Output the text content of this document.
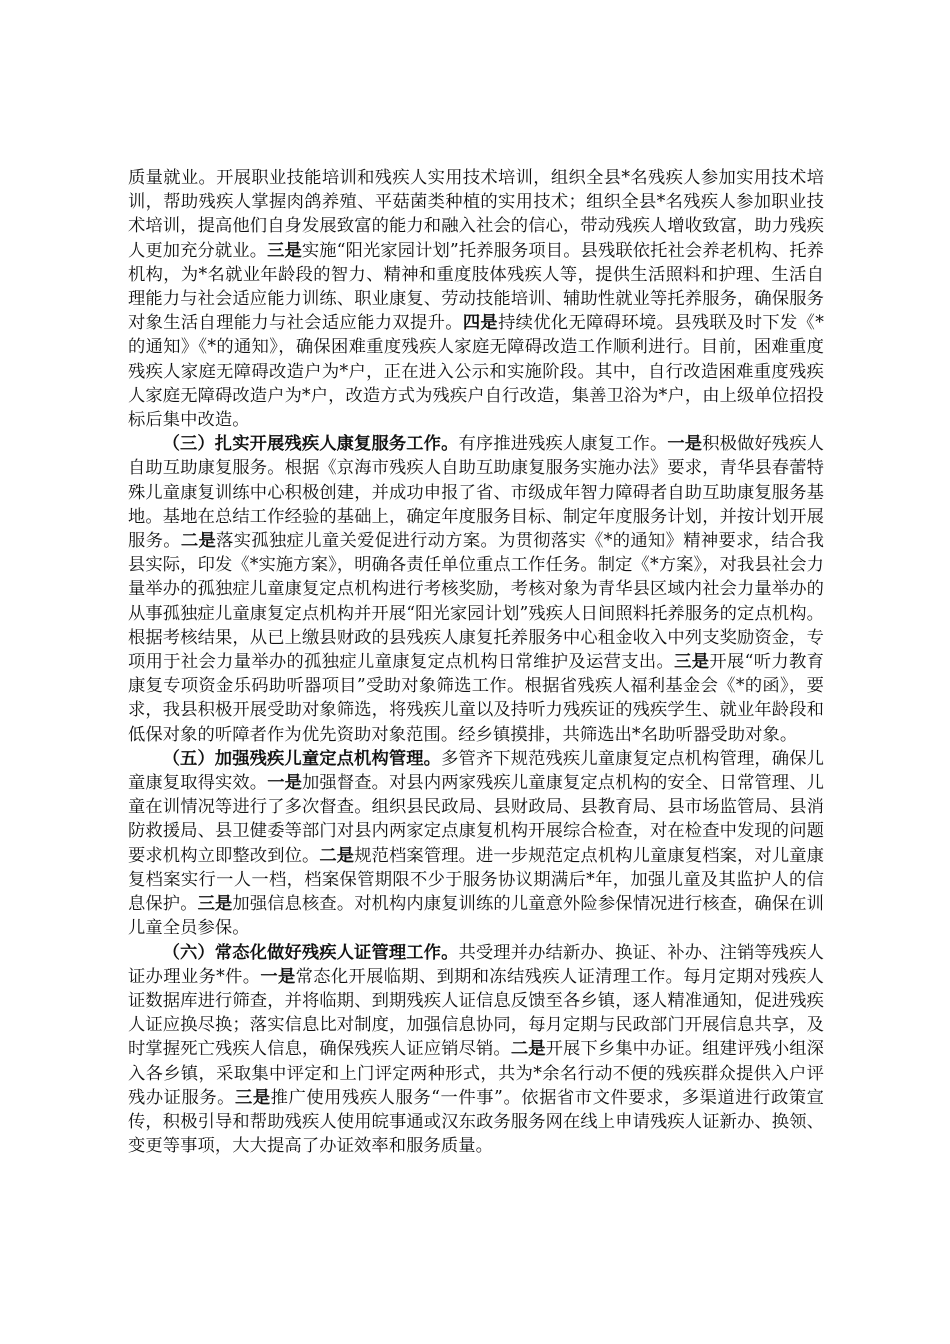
质量就业。开展职业技能培训和残疾人实用技术培训，组织全县*名残疾人参加实用技术培训，帮助残疾人掌握肉鸽养殖、平菇菌类种植的实用技术；组织全县*名残疾人参加职业技术培训，提高他们自身发展致富的能力和融入社会的信心，带动残疾人增收致富，助力残疾人更加充分就业。三是实施“阳光家园计划”托养服务项目。县残联依托社会养老机构、托养机构，为*名就业年龄段的智力、精神和重度肢体残疾人等，提供生活照料和护理、生活自理能力与社会适应能力训练、职业康复、劳动技能培训、辅助性就业等托养服务，确保服务对象生活自理能力与社会适应能力双提升。四是持续优化无障碍环境。县残联及时下发《*的通知》《*的通知》，确保困难重度残疾人家庭无障碍改造工作顺利进行。目前，困难重度残疾人家庭无障碍改造户为*户，正在进入公示和实施阶段。其中，自行改造困难重度残疾人家庭无障碍改造户为*户，改造方式为残疾户自行改造，集善卫浴为*户，由上级单位招投标后集中改造。

（三）扎实开展残疾人康复服务工作。有序推进残疾人康复工作。一是积极做好残疾人自助互助康复服务。根据《京海市残疾人自助互助康复服务实施办法》要求，青华县春蕾特殊儿童康复训练中心积极创建，并成功申报了省、市级成年智力障碍者自助互助康复服务基地。基地在总结工作经验的基础上，确定年度服务目标、制定年度服务计划，并按计划开展服务。二是落实孤独症儿童关爱促进行动方案。为贯彻落实《*的通知》精神要求，结合我县实际，印发《*实施方案》，明确各责任单位重点工作任务。制定《*方案》，对我县社会力量举办的孤独症儿童康复定点机构进行考核奖励，考核对象为青华县区域内社会力量举办的从事孤独症儿童康复定点机构并开展“阳光家园计划”残疾人日间照料托养服务的定点机构。根据考核结果，从已上缴县财政的县残疾人康复托养服务中心租金收入中列支奖励资金，专项用于社会力量举办的孤独症儿童康复定点机构日常维护及运营支出。三是开展“听力教育康复专项资金乐码助听器项目”受助对象筛选工作。根据省残疾人福利基金会《*的函》，要求，我县积极开展受助对象筛选，将残疾儿童以及持听力残疾证的残疾学生、就业年龄段和低保对象的听障者作为优先资助对象范围。经乡镇摸排，共筛选出*名助听器受助对象。

（五）加强残疾儿童定点机构管理。多管齐下规范残疾儿童康复定点机构管理，确保儿童康复取得实效。一是加强督查。对县内两家残疾儿童康复定点机构的安全、日常管理、儿童在训情况等进行了多次督查。组织县民政局、县财政局、县教育局、县市场监管局、县消防救援局、县卫健委等部门对县内两家定点康复机构开展综合检查，对在检查中发现的问题要求机构立即整改到位。二是规范档案管理。进一步规范定点机构儿童康复档案，对儿童康复档案实行一人一档，档案保管期限不少于服务协议期满后*年，加强儿童及其监护人的信息保护。三是加强信息核查。对机构内康复训练的儿童意外险参保情况进行核查，确保在训儿童全员参保。

（六）常态化做好残疾人证管理工作。共受理并办结新办、换证、补办、注销等残疾人证办理业务*件。一是常态化开展临期、到期和冻结残疾人证清理工作。每月定期对残疾人证数据库进行筛查，并将临期、到期残疾人证信息反馈至各乡镇，逐人精准通知，促进残疾人证应换尽换；落实信息比对制度，加强信息协同，每月定期与民政部门开展信息共享，及时掌握死亡残疾人信息，确保残疾人证应销尽销。二是开展下乡集中办证。组建评残小组深入各乡镇，采取集中评定和上门评定两种形式，共为*余名行动不便的残疾群众提供入户评残办证服务。三是推广使用残疾人服务“一件事”。依据省市文件要求，多渠道进行政策宣传，积极引导和帮助残疾人使用皖事通或汉东政务服务网在线上申请残疾人证新办、换领、变更等事项，大大提高了办证效率和服务质量。
